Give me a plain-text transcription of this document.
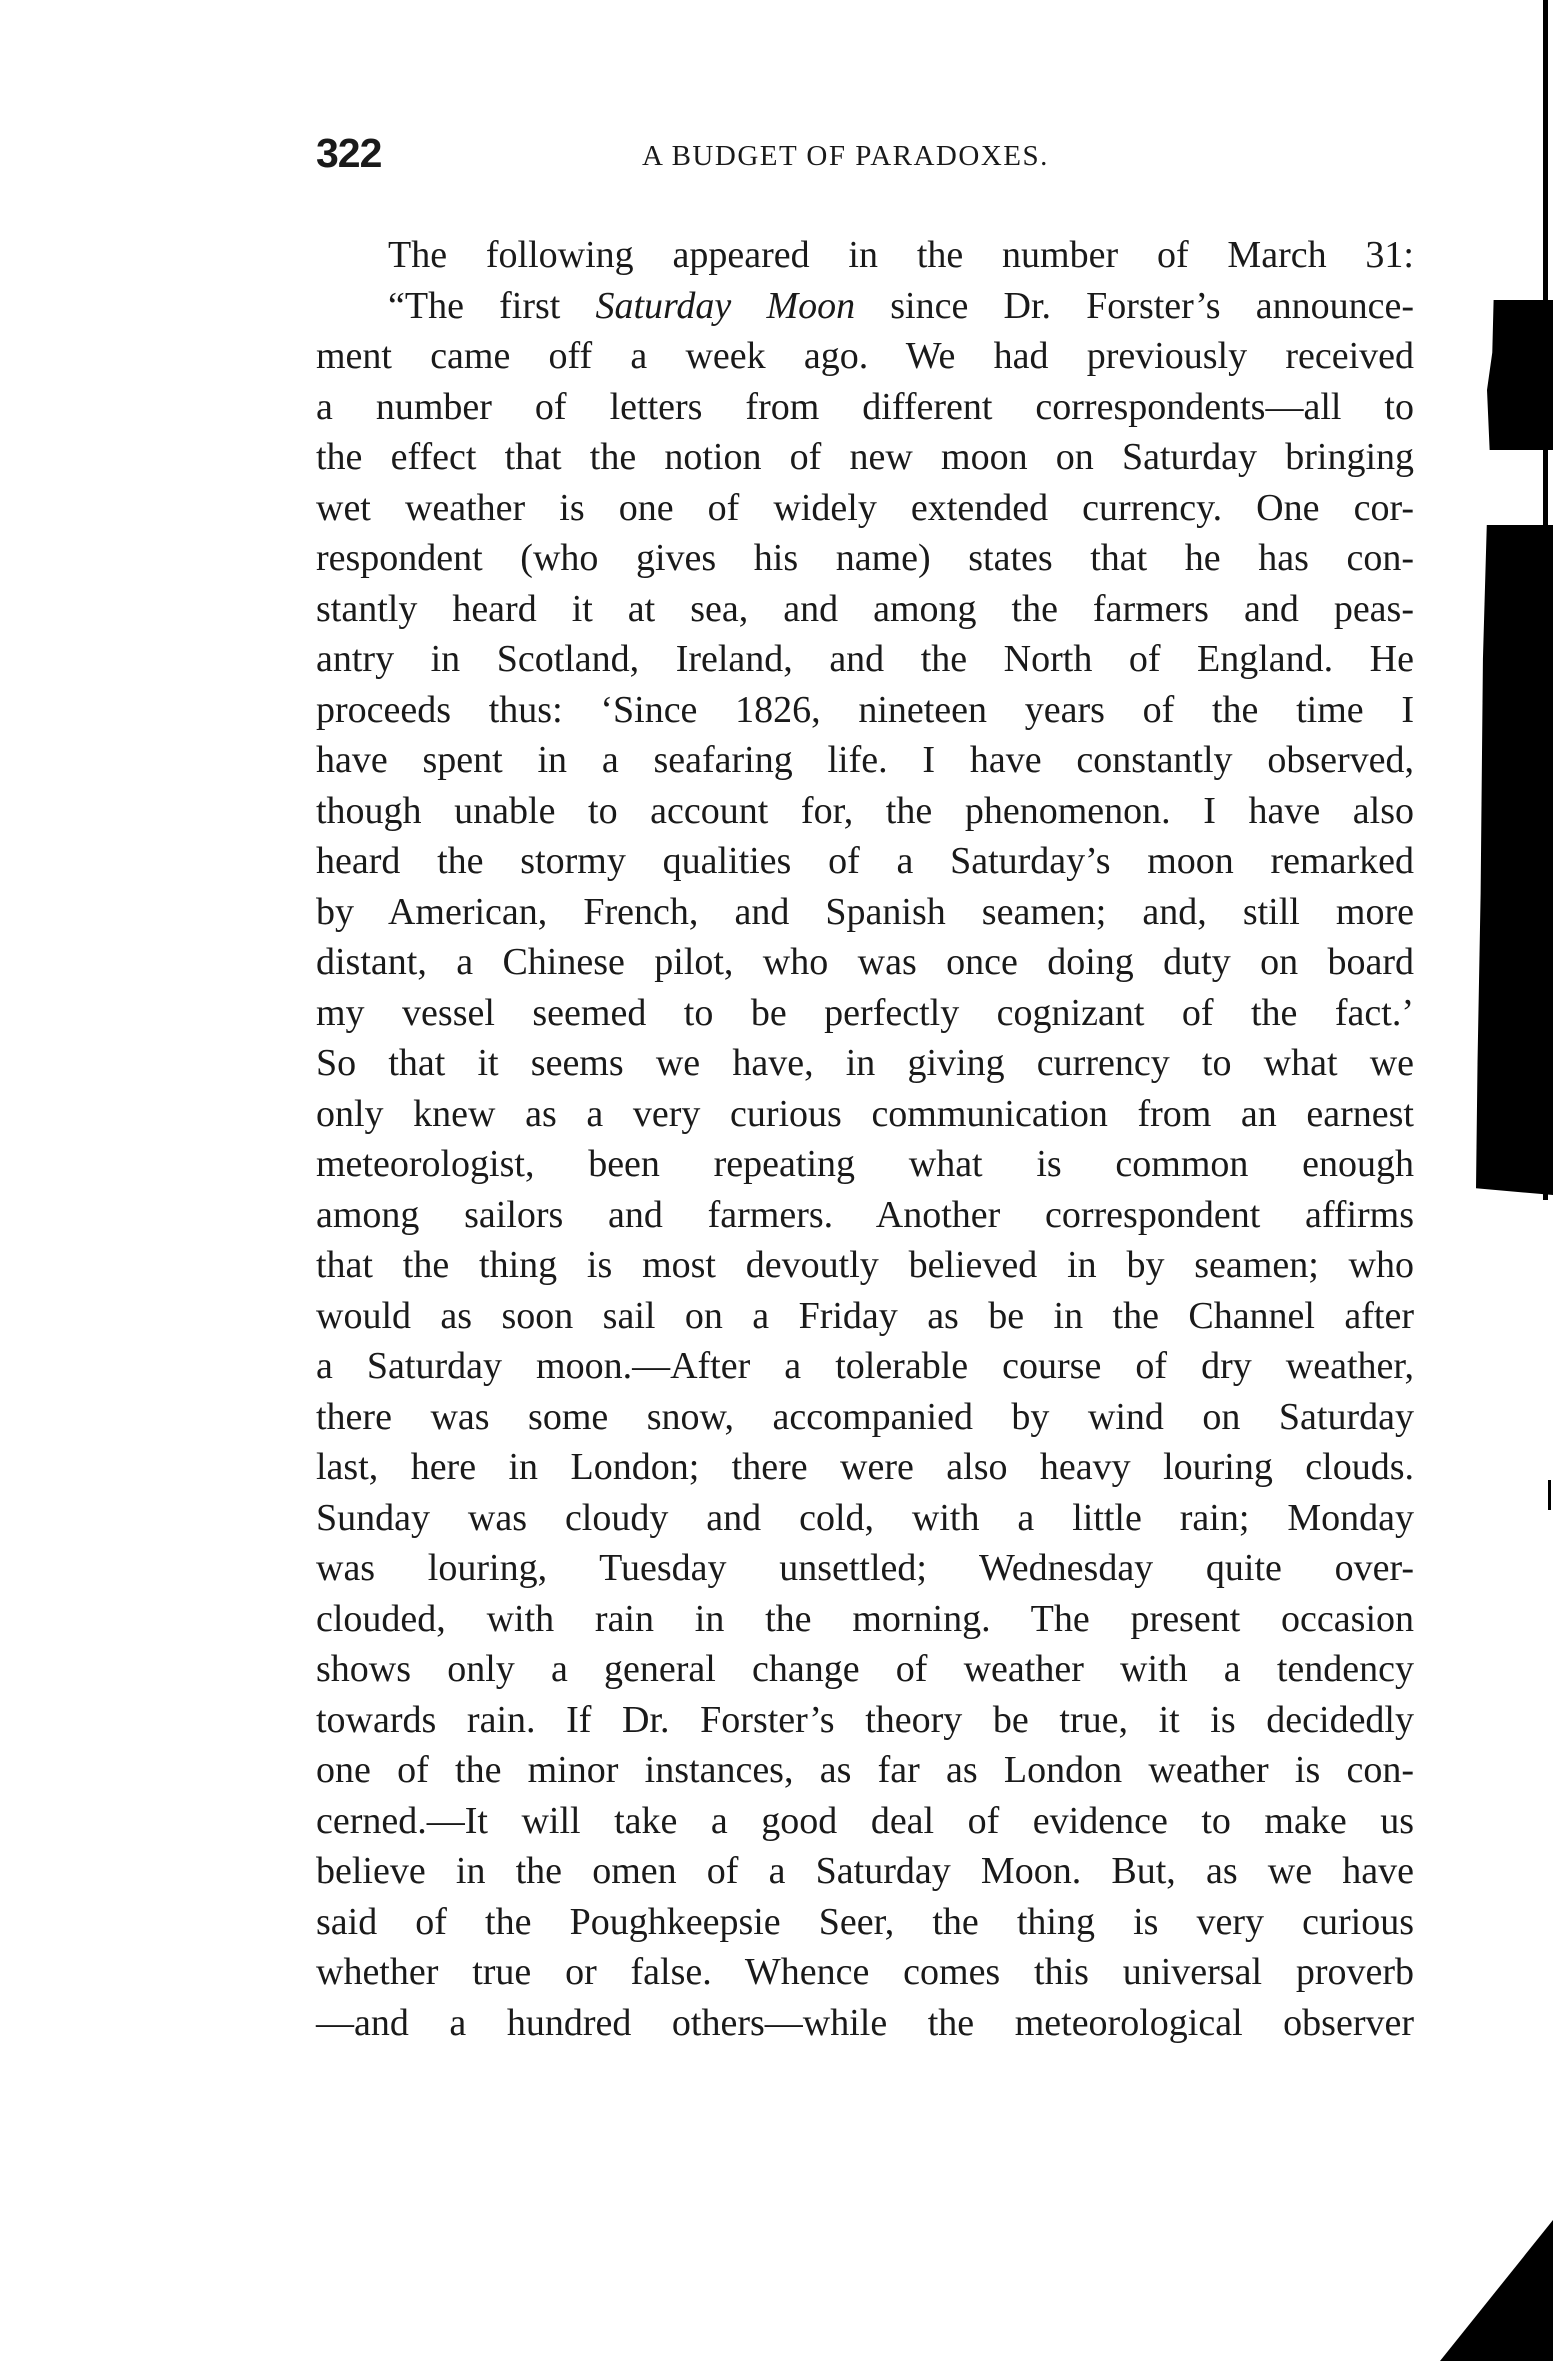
322	A BUDGET OF PARADOXES.
The following appeared in the number of March 31:
“The first Saturday Moon since Dr. Forster’s announce-
ment came off a week ago. We had previously received
a number of letters from different correspondents—all to
the effect that the notion of new moon on Saturday bringing
wet weather is one of widely extended currency. One cor-
respondent (who gives his name) states that he has con-
stantly heard it at sea, and among the farmers and peas-
antry in Scotland, Ireland, and the North of England. He
proceeds thus: ‘Since 1826, nineteen years of the time I
have spent in a seafaring life. I have constantly observed,
though unable to account for, the phenomenon. I have also
heard the stormy qualities of a Saturday’s moon remarked
by American, French, and Spanish seamen; and, still more
distant, a Chinese pilot, who was once doing duty on board
my vessel seemed to be perfectly cognizant of the fact.’
So that it seems we have, in giving currency to what we
only knew as a very curious communication from an earnest
meteorologist, been repeating what is common enough
among sailors and farmers. Another correspondent affirms
that the thing is most devoutly believed in by seamen; who
would as soon sail on a Friday as be in the Channel after
a Saturday moon.—After a tolerable course of dry weather,
there was some snow, accompanied by wind on Saturday
last, here in London; there were also heavy louring clouds.
Sunday was cloudy and cold, with a little rain; Monday
was louring, Tuesday unsettled; Wednesday quite over-
clouded, with rain in the morning. The present occasion
shows only a general change of weather with a tendency
towards rain. If Dr. Forster’s theory be true, it is decidedly
one of the minor instances, as far as London weather is con-
cerned.—It will take a good deal of evidence to make us
believe in the omen of a Saturday Moon. But, as we have
said of the Poughkeepsie Seer, the thing is very curious
whether true or false. Whence comes this universal proverb
—and a hundred others—while the meteorological observer
